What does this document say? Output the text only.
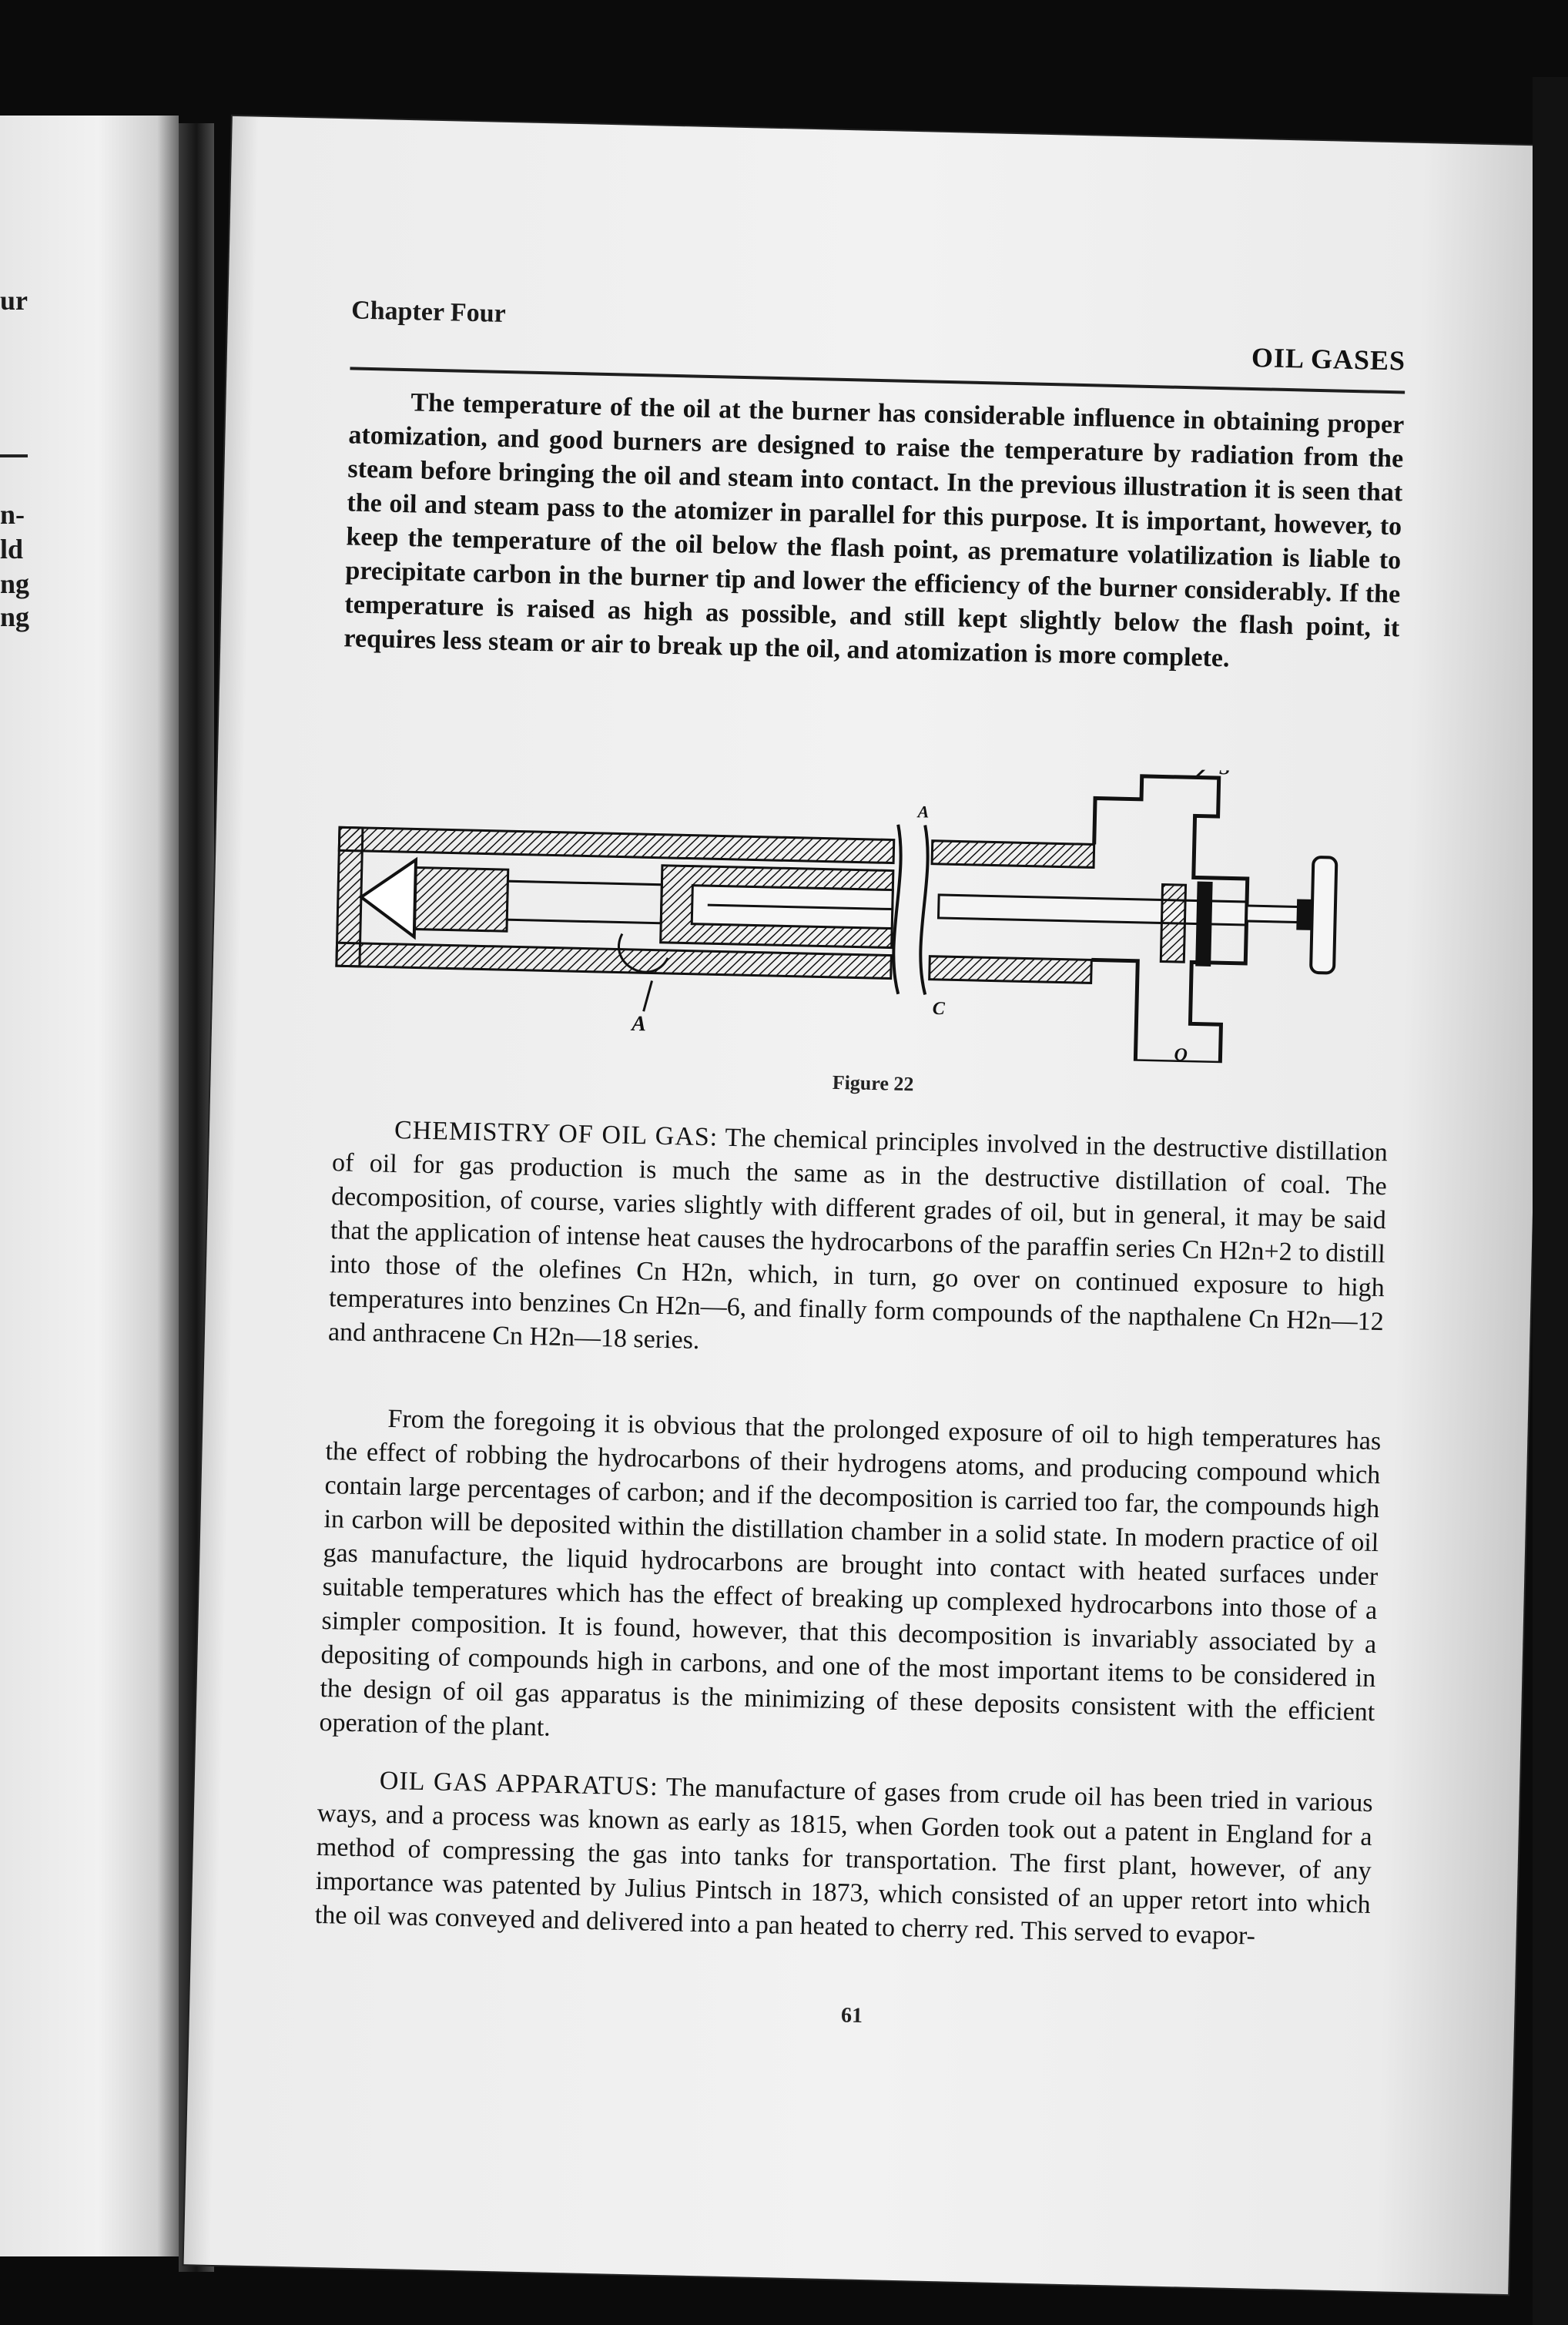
ur
n-
ld
ng
ng
Chapter Four
OIL GASES

The temperature of the oil at the burner has considerable influence in obtaining proper atomization, and good burners are designed to raise the temperature by radiation from the steam before bringing the oil and steam into contact. In the previous illustration it is seen that the oil and steam pass to the atomizer in parallel for this purpose. It is important, however, to keep the temperature of the oil below the flash point, as premature volatilization is liable to precipitate carbon in the burner tip and lower the efficiency of the burner considerably. If the temperature is raised as high as possible, and still kept slightly below the flash point, it requires less steam or air to break up the oil, and atomization is more complete.

A
A
C
S
O
Figure 22

CHEMISTRY OF OIL GAS: The chemical principles involved in the destructive distillation of oil for gas production is much the same as in the destructive distillation of coal. The decomposition, of course, varies slightly with different grades of oil, but in general, it may be said that the application of intense heat causes the hydrocarbons of the paraffin series Cn H2n+2 to distill into those of the olefines Cn H2n, which, in turn, go over on continued exposure to high temperatures into benzines Cn H2n—6, and finally form compounds of the napthalene Cn H2n—12 and anthracene Cn H2n—18 series.

From the foregoing it is obvious that the prolonged exposure of oil to high temperatures has the effect of robbing the hydrocarbons of their hydrogens atoms, and producing compound which contain large percentages of carbon; and if the decomposition is carried too far, the compounds high in carbon will be deposited within the distillation chamber in a solid state. In modern practice of oil gas manufacture, the liquid hydrocarbons are brought into contact with heated surfaces under suitable temperatures which has the effect of breaking up complexed hydrocarbons into those of a simpler composition. It is found, however, that this decomposition is invariably associated by a depositing of compounds high in carbons, and one of the most important items to be considered in the design of oil gas apparatus is the minimizing of these deposits consistent with the efficient operation of the plant.

OIL GAS APPARATUS: The manufacture of gases from crude oil has been tried in various ways, and a process was known as early as 1815, when Gorden took out a patent in England for a method of compressing the gas into tanks for transportation. The first plant, however, of any importance was patented by Julius Pintsch in 1873, which consisted of an upper retort into which the oil was conveyed and delivered into a pan heated to cherry red. This served to evapor-

61
